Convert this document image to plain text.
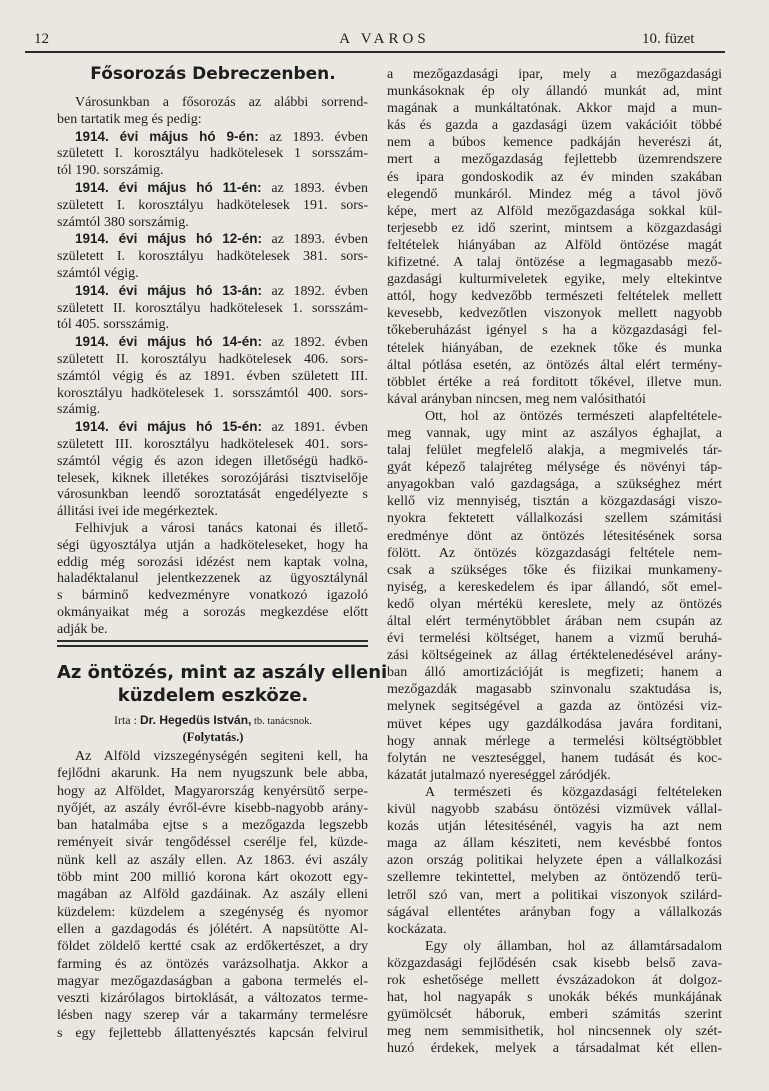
12	A VAROS	10. füzet
Fősorozás Debreczenben.
Városunkban a fősorozás az alábbi sorrend-
ben tartatik meg és pedig:
1914. évi május hó 9-én: az 1893. évben
született I. korosztályu hadkötelesek 1 sorsszám-
tól 190. sorszámig.
1914. évi május hó 11-én: az 1893. évben
született I. korosztályu hadkötelesek 191. sors-
számtól 380 sorszámig.
1914. évi május hó 12-én: az 1893. évben
született I. korosztályu hadkötelesek 381. sors-
számtól végig.
1914. évi május hó 13-án: az 1892. évben
született II. korosztályu hadkötelesek 1. sorsszám-
tól 405. sorsszámig.
1914. évi május hó 14-én: az 1892. évben
született II. korosztályu hadkötelesek 406. sors-
számtól végig és az 1891. évben született III.
korosztályu hadkötelesek 1. sorsszámtól 400. sors-
számig.
1914. évi május hó 15-én: az 1891. évben
született III. korosztályu hadkötelesek 401. sors-
számtól végig és azon idegen illetőségü hadkö-
telesek, kiknek illetékes sorozójárási tisztviselője
városunkban leendő soroztatását engedélyezte s
állitási ivei ide megérkeztek.
Felhivjuk a városi tanács katonai és illető-
ségi ügyosztálya utján a hadköteleseket, hogy ha
eddig még sorozási idézést nem kaptak volna,
haladéktalanul jelentkezzenek az ügyosztálynál
s bárminő kedvezményre vonatkozó igazoló
okmányaikat még a sorozás megkezdése előtt
adják be.
Az öntözés, mint az aszály elleni
küzdelem eszköze.
Irta : Dr. Hegedüs István, tb. tanácsnok.
(Folytatás.)
Az Alföld vizszegénységén segiteni kell, ha
fejlődni akarunk. Ha nem nyugszunk bele abba,
hogy az Alföldet, Magyarország kenyérsütő serpe-
nyőjét, az aszály évről-évre kisebb-nagyobb arány-
ban hatalmába ejtse s a mezőgazda legszebb
reményeit sivár tengődéssel cserélje fel, küzde-
nünk kell az aszály ellen. Az 1863. évi aszály
több mint 200 millió korona kárt okozott egy-
magában az Alföld gazdáinak. Az aszály elleni
küzdelem: küzdelem a szegénység és nyomor
ellen a gazdagodás és jólétért. A napsütötte Al-
földet zöldelő kertté csak az erdőkertészet, a dry
farming és az öntözés varázsolhatja. Akkor a
magyar mezőgazdaságban a gabona termelés el-
veszti kizárólagos birtoklását, a változatos terme-
lésben nagy szerep vár a takarmány termelésre
s egy fejlettebb állattenyésztés kapcsán felvirul
a mezőgazdasági ipar, mely a mezőgazdasági
munkásoknak ép oly állandó munkát ad, mint
magának a munkáltatónak. Akkor majd a mun-
kás és gazda a gazdasági üzem vakációit többé
nem a búbos kemence padkáján heverészi át,
mert a mezőgazdaság fejlettebb üzemrendszere
és ipara gondoskodik az év minden szakában
elegendő munkáról. Mindez még a távol jövő
képe, mert az Alföld mezőgazdasága sokkal kül-
terjesebb ez idő szerint, mintsem a közgazdasági
feltételek hiányában az Alföld öntözése magát
kifizetné. A talaj öntözése a legmagasabb mező-
gazdasági kulturmiveletek egyike, mely eltekintve
attól, hogy kedvezőbb természeti feltételek mellett
kevesebb, kedvezőtlen viszonyok mellett nagyobb
tőkeberuházást igényel s ha a közgazdasági fel-
tételek hiányában, de ezeknek tőke és munka
által pótlása esetén, az öntözés által elért termény-
többlet értéke a reá forditott tőkével, illetve mun.
kával arányban nincsen, meg nem valósithatói
Ott, hol az öntözés természeti alapfeltétele-
meg vannak, ugy mint az aszályos éghajlat, a
talaj felület megfelelő alakja, a megmivelés tár-
gyát képező talajréteg mélysége és növényi táp-
anyagokban való gazdagsága, a szükséghez mért
kellő viz mennyiség, tisztán a közgazdasági viszo-
nyokra fektetett vállalkozási szellem számitási
eredménye dönt az öntözés létesitésének sorsa
fölött. Az öntözés közgazdasági feltétele nem-
csak a szükséges tőke és fiizikai munkameny-
nyiség, a kereskedelem és ipar állandó, sőt emel-
kedő olyan mértékü kereslete, mely az öntözés
által elért terménytöbblet árában nem csupán az
évi termelési költséget, hanem a vizmű beruhá-
zási költségeinek az állag értéktelenedésével arány-
ban álló amortizációját is megfizeti; hanem a
mezőgazdák magasabb szinvonalu szaktudása is,
melynek segitségével a gazda az öntözési viz-
müvet képes ugy gazdálkodása javára forditani,
hogy annak mérlege a termelési költségtöbblet
folytán ne veszteséggel, hanem tudását és koc-
kázatát jutalmazó nyereséggel záródjék.
A természeti és közgazdasági feltételeken
kivül nagyobb szabásu öntözési vizmüvek vállal-
kozás utján létesitésénél, vagyis ha azt nem
maga az állam késziteti, nem kevésbbé fontos
azon ország politikai helyzete épen a vállalkozási
szellemre tekintettel, melyben az öntözendő terü-
letről szó van, mert a politikai viszonyok szilárd-
ságával ellentétes arányban fogy a vállalkozás
kockázata.
Egy oly államban, hol az államtársadalom
közgazdasági fejlődésén csak kisebb belső zava-
rok eshetősége mellett évszázadokon át dolgoz-
hat, hol nagyapák s unokák békés munkájának
gyümölcsét háboruk, emberi számitás szerint
meg nem semmisithetik, hol nincsennek oly szét-
huzó érdekek, melyek a társadalmat két ellen-
